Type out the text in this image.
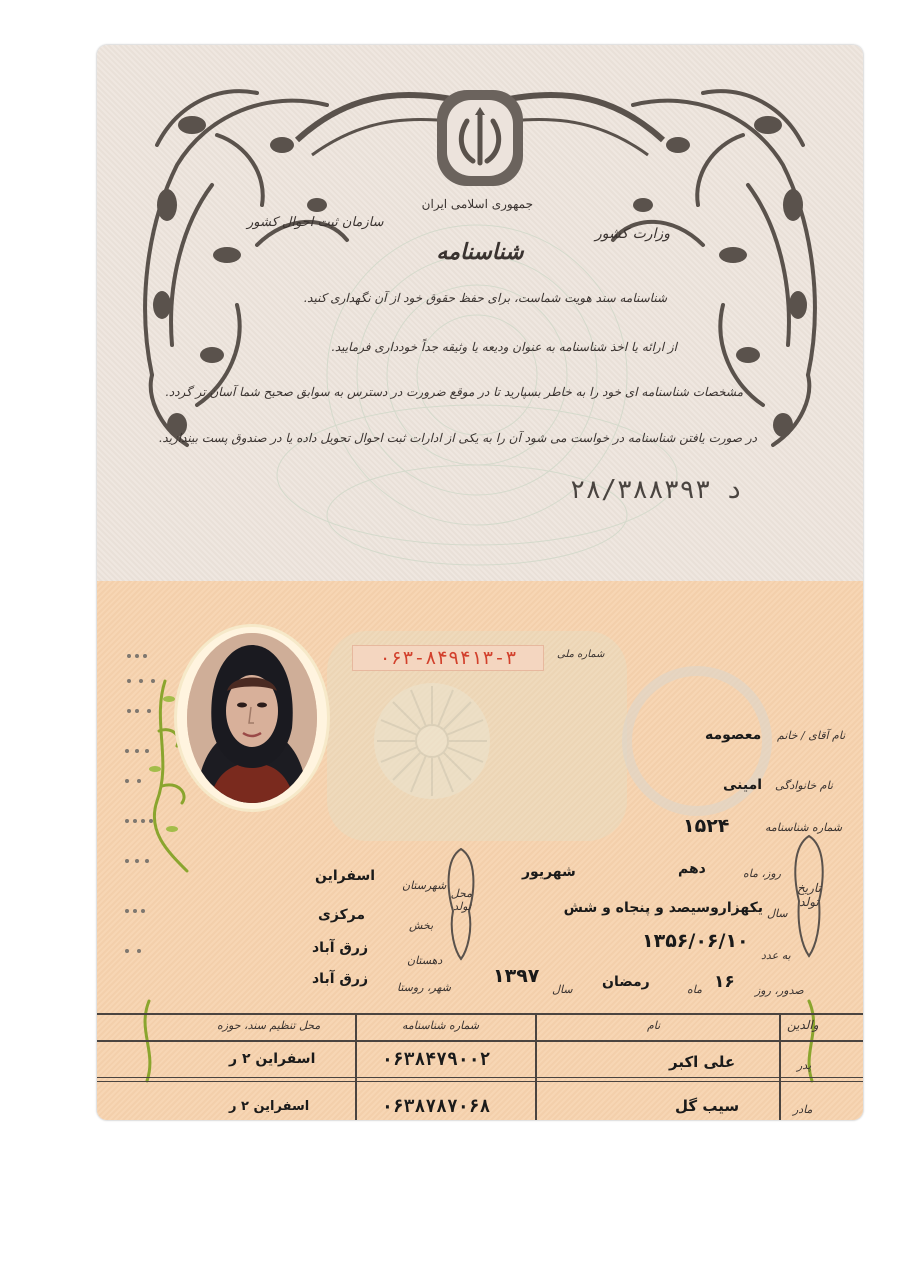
جمهوری اسلامی ایران
وزارت کشور
سازمان ثبت احوال کشور
شناسنامه
شناسنامه سند هویت شماست، برای حفظ حقوق خود از آن نگهداری کنید.
از ارائه یا اخذ شناسنامه به عنوان ودیعه یا وثیقه جداً خودداری فرمایید.
مشخصات شناسنامه ای خود را به خاطر بسپارید تا در موقع ضرورت در دسترس به سوابق صحیح شما آسان تر گردد.
در صورت یافتن شناسنامه در خواست می شود آن را به یکی از ادارات ثبت احوال تحویل داده یا در صندوق پست بیندازید.
د ۲۸/۳۸۸۳۹۳
شماره ملی
۰۶۳-۸۴۹۴۱۳-۳
نام آقای / خانم
معصومه
نام خانوادگی
امینی
شماره شناسنامه
۱۵۲۴
تاریخ تولد
روز، ماه
دهم
شهریور
سال
یکهزاروسیصد و پنجاه و شش
به عدد
۱۳۵۶/۰۶/۱۰
صدور، روز
۱۶
ماه
رمضان
سال
۱۳۹۷
محل تولد
شهرستان
اسفراین
بخش
مرکزی
دهستان
زرق آباد
شهر، روستا
زرق آباد
والدین
پدر
مادر
نام
شماره شناسنامه
محل تنظیم سند، حوزه
علی اکبر
۰۶۳۸۴۷۹۰۰۲
اسفراین ۲ ر
سیب گل
۰۶۳۸۷۸۷۰۶۸
اسفراین ۲ ر
